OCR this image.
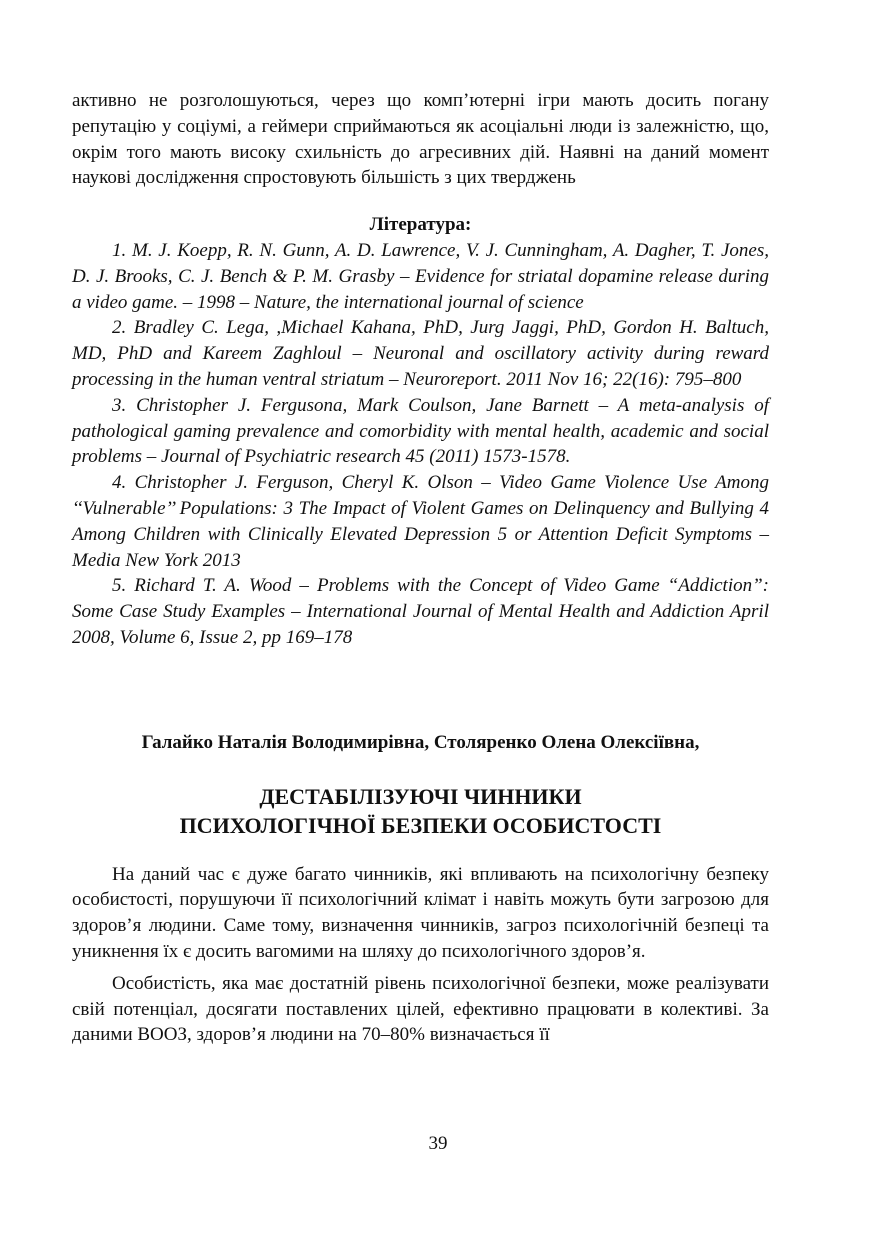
активно не розголошуються, через що комп’ютерні ігри мають досить погану репутацію у соціумі, а геймери сприймаються як асоціальні люди із залежністю, що, окрім того мають високу схильність до агресивних дій. Наявні на даний момент наукові дослідження спростовують більшість з цих тверджень

Література:

1. M. J. Koepp, R. N. Gunn, A. D. Lawrence, V. J. Cunningham, A. Dagher, T. Jones, D. J. Brooks, C. J. Bench & P. M. Grasby – Evidence for striatal dopamine release during a video game. – 1998 – Nature, the international journal of science

2. Bradley C. Lega, ,Michael Kahana, PhD, Jurg Jaggi, PhD, Gordon H. Baltuch, MD, PhD and Kareem Zaghloul – Neuronal and oscillatory activity during reward processing in the human ventral striatum – Neuroreport. 2011 Nov 16; 22(16): 795–800

3. Christopher J. Fergusona, Mark Coulson, Jane Barnett – A meta-analysis of pathological gaming prevalence and comorbidity with mental health, academic and social problems – Journal of Psychiatric research 45 (2011) 1573-1578.

4. Christopher J. Ferguson, Cheryl K. Olson – Video Game Violence Use Among ‘‘Vulnerable’’ Populations: 3 The Impact of Violent Games on Delinquency and Bullying 4 Among Children with Clinically Elevated Depression 5 or Attention Deficit Symptoms – Media New York 2013

5. Richard T. A. Wood – Problems with the Concept of Video Game “Addiction”: Some Case Study Examples – International Journal of Mental Health and Addiction April 2008, Volume 6, Issue 2, pp 169–178

Галайко Наталія Володимирівна, Столяренко Олена Олексіївна,
ДЕСТАБІЛІЗУЮЧІ ЧИННИКИ
ПСИХОЛОГІЧНОЇ БЕЗПЕКИ ОСОБИСТОСТІ

На даний час є дуже багато чинників, які впливають на психологічну безпеку особистості, порушуючи її психологічний клімат і навіть можуть бути загрозою для здоров’я людини. Саме тому, визначення чинників, загроз психологічній безпеці та уникнення їх є досить вагомими на шляху до психологічного здоров’я.

Особистість, яка має достатній рівень психологічної безпеки, може реалізувати свій потенціал, досягати поставлених цілей, ефективно працювати в колективі. За даними ВООЗ, здоров’я людини на 70–80% визначається її

39
